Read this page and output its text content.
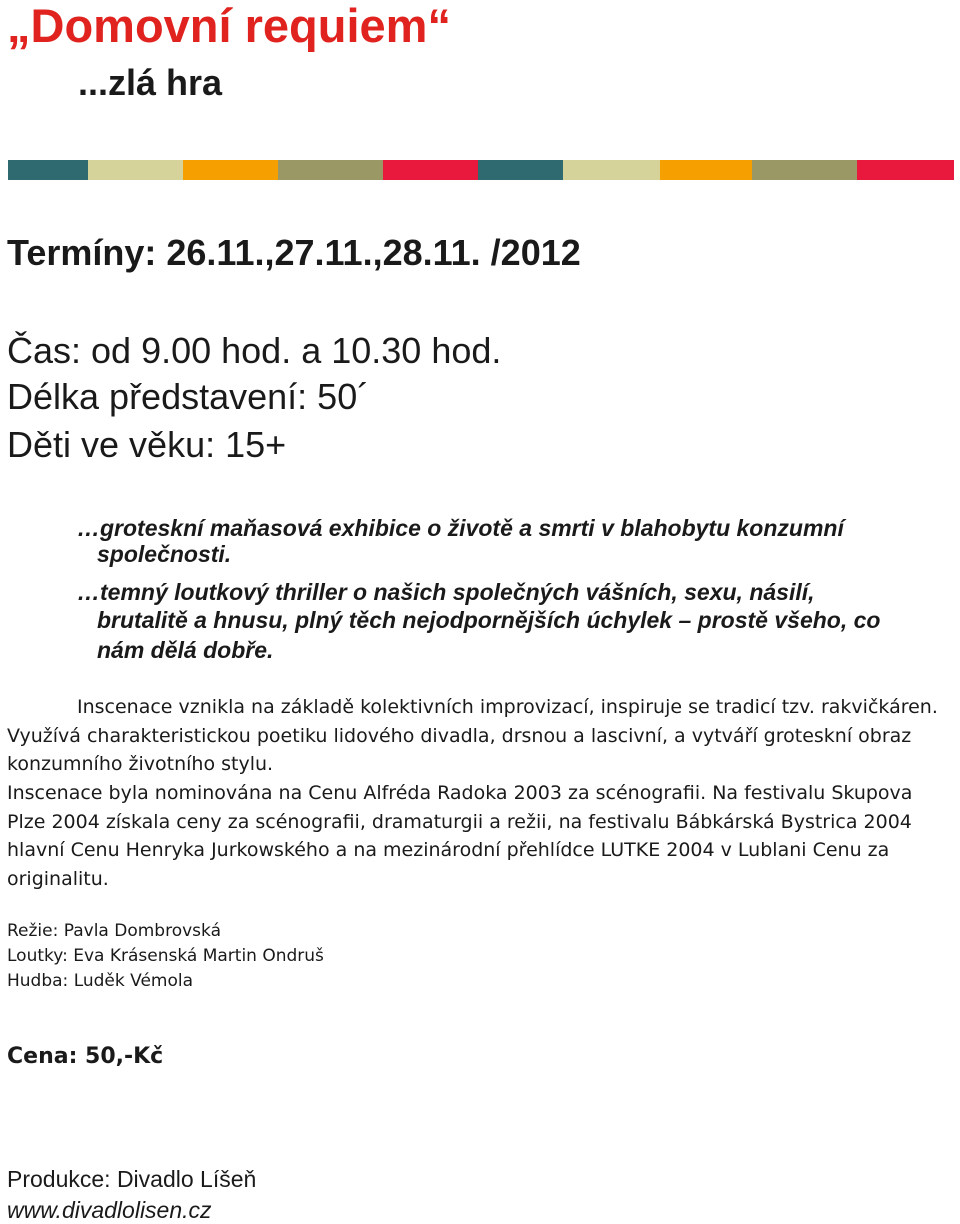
„Domovní requiem“
...zlá hra
Termíny: 26.11.,27.11.,28.11. /2012
Čas: od 9.00 hod. a 10.30 hod.
Délka představení: 50´
Děti ve věku: 15+
…groteskní maňasová exhibice o životě a smrti v blahobytu konzumní
společnosti.
…temný loutkový thriller o našich společných vášních, sexu, násilí,
brutalitě a hnusu, plný těch nejodpornějších úchylek – prostě všeho, co
nám dělá dobře.
Inscenace vznikla na základě kolektivních improvizací, inspiruje se tradicí tzv. rakvičkáren. Využívá charakteristickou poetiku lidového divadla, drsnou a lascivní, a vytváří groteskní obraz konzumního životního stylu.
Inscenace byla nominována na Cenu Alfréda Radoka 2003 za scénografii. Na festivalu Skupova Plze 2004 získala ceny za scénografii, dramaturgii a režii, na festivalu Bábkárská Bystrica 2004 hlavní Cenu Henryka Jurkowského a na mezinárodní přehlídce LUTKE 2004 v Lublani Cenu za originalitu.
Režie: Pavla Dombrovská
Loutky: Eva Krásenská Martin Ondruš
Hudba: Luděk Vémola
Cena: 50,-Kč
Produkce: Divadlo Líšeň
www.divadlolisen.cz
